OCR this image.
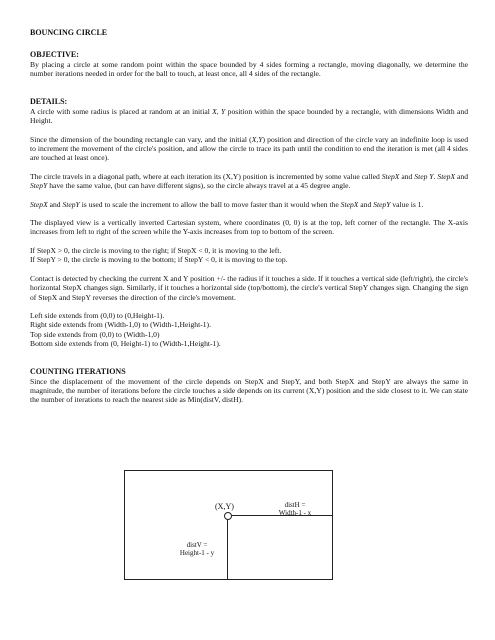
BOUNCING CIRCLE

OBJECTIVE:

By placing a circle at some random point within the space bounded by 4 sides forming a rectangle, moving diagonally, we determine the number iterations needed in order for the ball to touch, at least once, all 4 sides of the rectangle.

DETAILS:

A circle with some radius is placed at random at an initial X, Y position within the space bounded by a rectangle, with dimensions Width and Height.

Since the dimension of the bounding rectangle can vary, and the initial (X,Y) position and direction of the circle vary an indefinite loop is used to increment the movement of the circle's position, and allow the circle to trace its path until the condition to end the iteration is met (all 4 sides are touched at least once).

The circle travels in a diagonal path, where at each iteration its (X,Y) position is incremented by some value called StepX and Step Y. StepX and StepY have the same value, (but can have different signs), so the circle always travel at a 45 degree angle.

StepX and StepY is used to scale the increment to allow the ball to move faster than it would when the StepX and StepY value is 1.

The displayed view is a vertically inverted Cartesian system, where coordinates (0, 0) is at the top, left corner of the rectangle. The X-axis increases from left to right of the screen while the Y-axis increases from top to bottom of the screen.

If StepX > 0, the circle is moving to the right; if StepX < 0, it is moving to the left.

If StepY > 0, the circle is moving to the bottom; if StepY < 0, it is moving to the top.

Contact is detected by checking the current X and Y position +/- the radius if it touches a side. If it touches a vertical side (left/right), the circle's horizontal StepX changes sign. Similarly, if it touches a horizontal side (top/bottom), the circle's vertical StepY changes sign. Changing the sign of StepX and StepY reverses the direction of the circle's movement.

Left side extends from (0,0) to (0,Height-1).

Right side extends from (Width-1,0) to (Width-1,Height-1).

Top side extends from (0,0) to (Width-1,0)

Bottom side extends from (0, Height-1) to (Width-1,Height-1).

COUNTING ITERATIONS

Since the displacement of the movement of the circle depends on StepX and StepY, and both StepX and StepY are always the same in magnitude, the number of iterations before the circle touches a side depends on its current (X,Y) position and the side closest to it. We can state the number of iterations to reach the nearest side as Min(distV, distH).

(X,Y)	distH =
Width-1 - x
distV =
Height-1 - y
